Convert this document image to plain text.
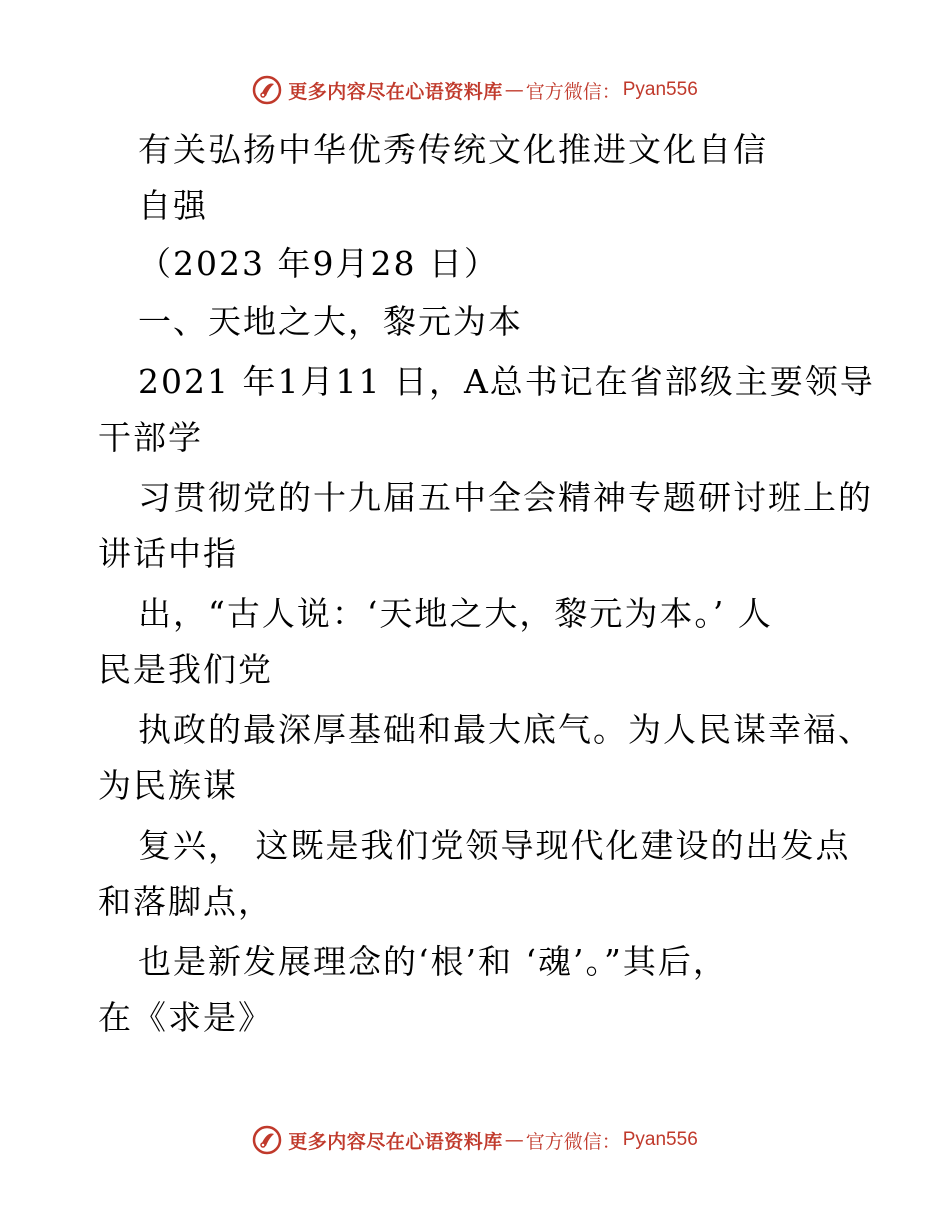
更多内容尽在心语资料库 — 官方微信： Pyan556
有关弘扬中华优秀传统文化推进文化自信
自强
（2023 年9月28 日）
一、天地之大，黎元为本
2021 年1月11 日，A总书记在省部级主要领导
干部学
习贯彻党的十九届五中全会精神专题研讨班上的
讲话中指
出，“古人说：‘天地之大，黎元为本。’ 人
民是我们党
执政的最深厚基础和最大底气。为人民谋幸福、
为民族谋
复兴， 这既是我们党领导现代化建设的出发点
和落脚点，
也是新发展理念的‘根’和 ‘魂’。”其后，
在《求是》
更多内容尽在心语资料库 — 官方微信： Pyan556
